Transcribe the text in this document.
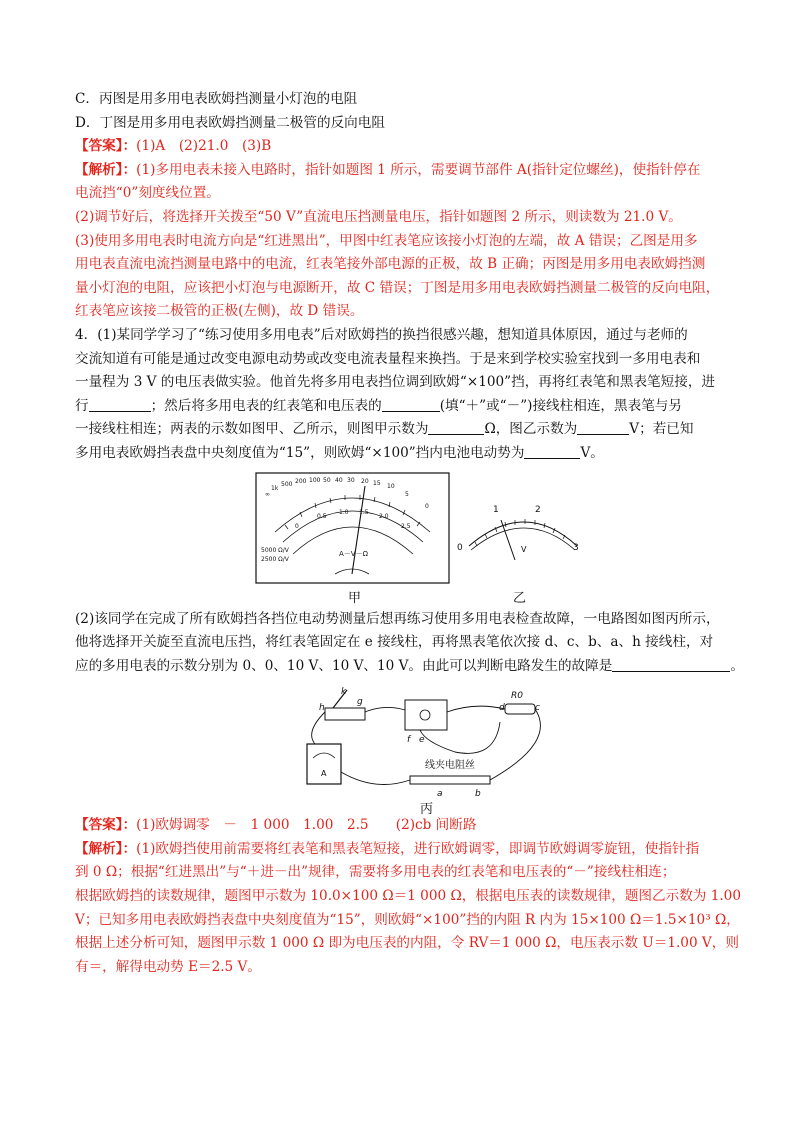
C．丙图是用多用电表欧姆挡测量小灯泡的电阻
D．丁图是用多用电表欧姆挡测量二极管的反向电阻
【答案】：(1)A　(2)21.0　(3)B
【解析】：(1)多用电表未接入电路时，指针如题图 1 所示，需要调节部件 A(指针定位螺丝)，使指针停在
电流挡“0”刻度线位置。
(2)调节好后，将选择开关拨至“50 V”直流电压挡测量电压，指针如题图 2 所示，则读数为 21.0 V。
(3)使用多用电表时电流方向是“红进黑出”，甲图中红表笔应该接小灯泡的左端，故 A 错误；乙图是用多
用电表直流电流挡测量电路中的电流，红表笔接外部电源的正极，故 B 正确；丙图是用多用电表欧姆挡测
量小灯泡的电阻，应该把小灯泡与电源断开，故 C 错误；丁图是用多用电表欧姆挡测量二极管的反向电阻，
红表笔应该接二极管的正极(左侧)，故 D 错误。
4．(1)某同学学习了“练习使用多用电表”后对欧姆挡的换挡很感兴趣，想知道具体原因，通过与老师的
交流知道有可能是通过改变电源电动势或改变电流表量程来换挡。于是来到学校实验室找到一多用电表和
一量程为 3 V 的电压表做实验。他首先将多用电表挡位调到欧姆“×100”挡，再将红表笔和黑表笔短接，进
行	；然后将多用电表的红表笔和电压表的	(填“＋”或“－”)接线柱相连，黑表笔与另
一接线柱相连；两表的示数如图甲、乙所示，则图甲示数为	Ω，图乙示数为	V；若已知
多用电表欧姆挡表盘中央刻度值为“15”，则欧姆“×100”挡内电池电动势为	V。
∞
1k
500 200 100 50 40 30 20 15 10
5
0
0
0.5
1.0 1.5
2.0
2.5
A－V－Ω
5000 Ω/V
2500 Ω/V
甲
0
1	2
3
V
乙
(2)该同学在完成了所有欧姆挡各挡位电动势测量后想再练习使用多用电表检查故障，一电路图如图丙所示，
他将选择开关旋至直流电压挡，将红表笔固定在 e 接线柱，再将黑表笔依次接 d、c、b、a、h 接线柱，对
应的多用电表的示数分别为 0、0、10 V、10 V、10 V。由此可以判断电路发生的故障是	。
h
k
g
f e
d	c
a	b
R0
A
线夹电阻丝
丙
【答案】：(1)欧姆调零　－　1 000　1.00　2.5　　(2)cb 间断路
【解析】：(1)欧姆挡使用前需要将红表笔和黑表笔短接，进行欧姆调零，即调节欧姆调零旋钮，使指针指
到 0 Ω；根据“红进黑出”与“＋进－出”规律，需要将多用电表的红表笔和电压表的“－”接线柱相连；
根据欧姆挡的读数规律，题图甲示数为 10.0×100 Ω＝1 000 Ω，根据电压表的读数规律，题图乙示数为 1.00
V；已知多用电表欧姆挡表盘中央刻度值为“15”，则欧姆“×100”挡的内阻 R 内为 15×100 Ω＝1.5×10³ Ω，
根据上述分析可知，题图甲示数 1 000 Ω 即为电压表的内阻，令 RV＝1 000 Ω，电压表示数 U＝1.00 V，则
有＝，解得电动势 E＝2.5 V。
